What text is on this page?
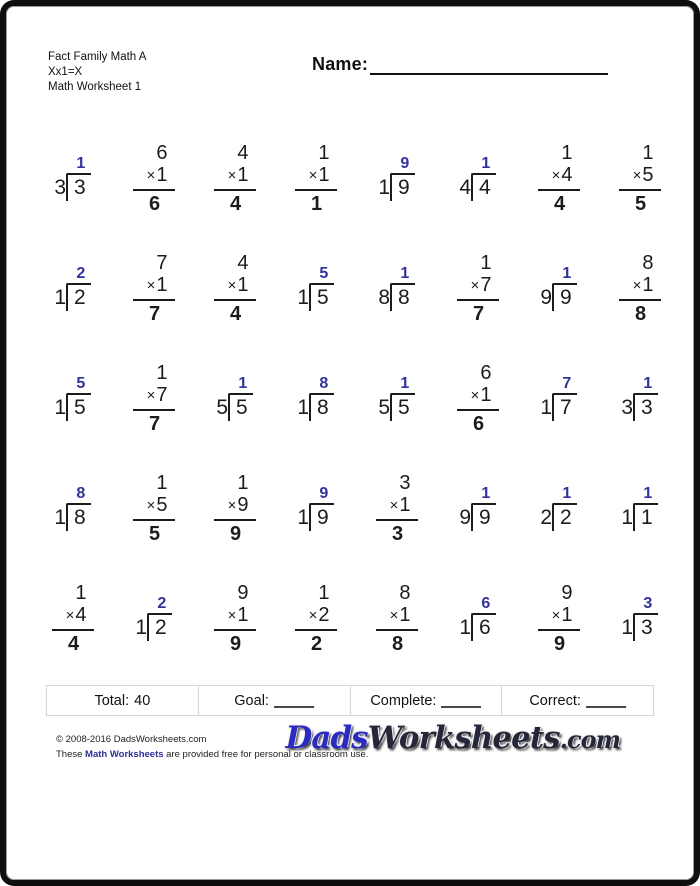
Fact Family Math A
Xx1=X
Math Worksheet 1
Name:
3
1
3
6
×1
6
4
×1
4
1
×1
1
1
9
9 4
1
4
1
×4
4
1
×5
5
1
2
2
7
×1
7
4
×1
4
1
5
5 8
1
8
1
×7
7
9
1
9
8
×1
8
1
5
5
1
×7
7
5
1
5 1
8
8 5
1
5
6
×1
6
1
7
7 3
1
3
1
8
8
1
×5
5
1
×9
9
1
9
9
3
×1
3
9
1
9 2
1
2 1
1
1
1
×4
4
1
2
2
9
×1
9
1
×2
2
8
×1
8
1
6
6
9
×1
9
1
3
3
Total: 40	Goal:	Complete:	Correct:
© 2008-2016 DadsWorksheets.com
These Math Worksheets are provided free for personal or classroom use.
DadsWorksheets.com
